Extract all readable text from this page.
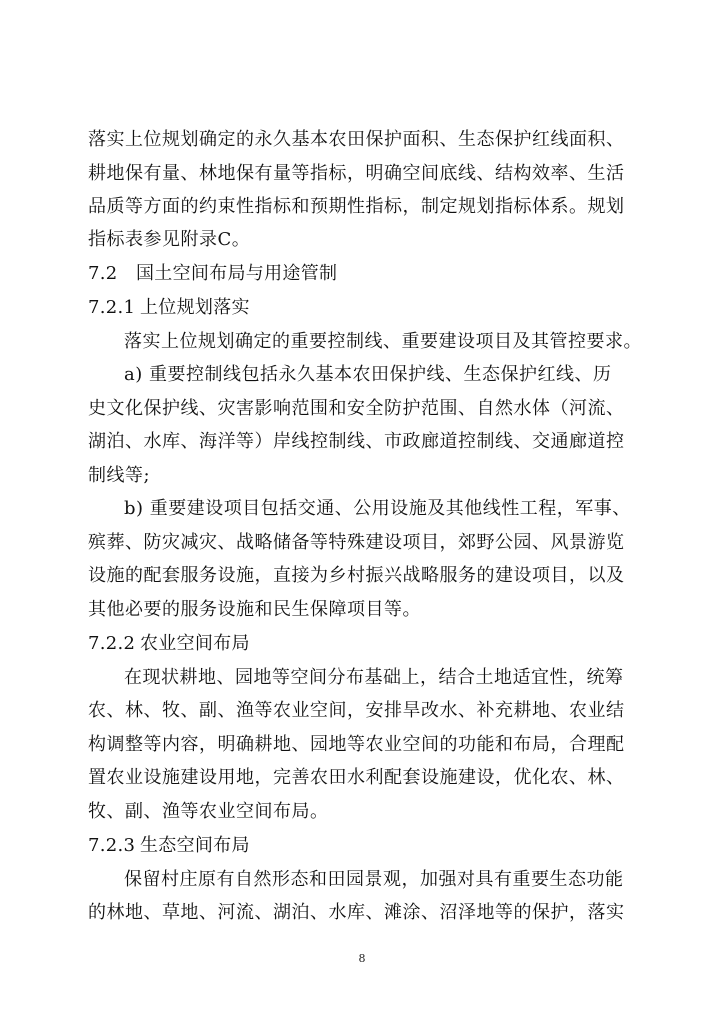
落实上位规划确定的永久基本农田保护面积、生态保护红线面积、
耕地保有量、林地保有量等指标，明确空间底线、结构效率、生活
品质等方面的约束性指标和预期性指标，制定规划指标体系。规划
指标表参见附录C。
7.2 国土空间布局与用途管制
7.2.1 上位规划落实
落实上位规划确定的重要控制线、重要建设项目及其管控要求。
a) 重要控制线包括永久基本农田保护线、生态保护红线、历
史文化保护线、灾害影响范围和安全防护范围、自然水体（河流、
湖泊、水库、海洋等）岸线控制线、市政廊道控制线、交通廊道控
制线等;
b) 重要建设项目包括交通、公用设施及其他线性工程，军事、
殡葬、防灾减灾、战略储备等特殊建设项目，郊野公园、风景游览
设施的配套服务设施，直接为乡村振兴战略服务的建设项目，以及
其他必要的服务设施和民生保障项目等。
7.2.2 农业空间布局
在现状耕地、园地等空间分布基础上，结合土地适宜性，统筹
农、林、牧、副、渔等农业空间，安排旱改水、补充耕地、农业结
构调整等内容，明确耕地、园地等农业空间的功能和布局，合理配
置农业设施建设用地，完善农田水利配套设施建设，优化农、林、
牧、副、渔等农业空间布局。
7.2.3 生态空间布局
保留村庄原有自然形态和田园景观，加强对具有重要生态功能
的林地、草地、河流、湖泊、水库、滩涂、沼泽地等的保护，落实
8
